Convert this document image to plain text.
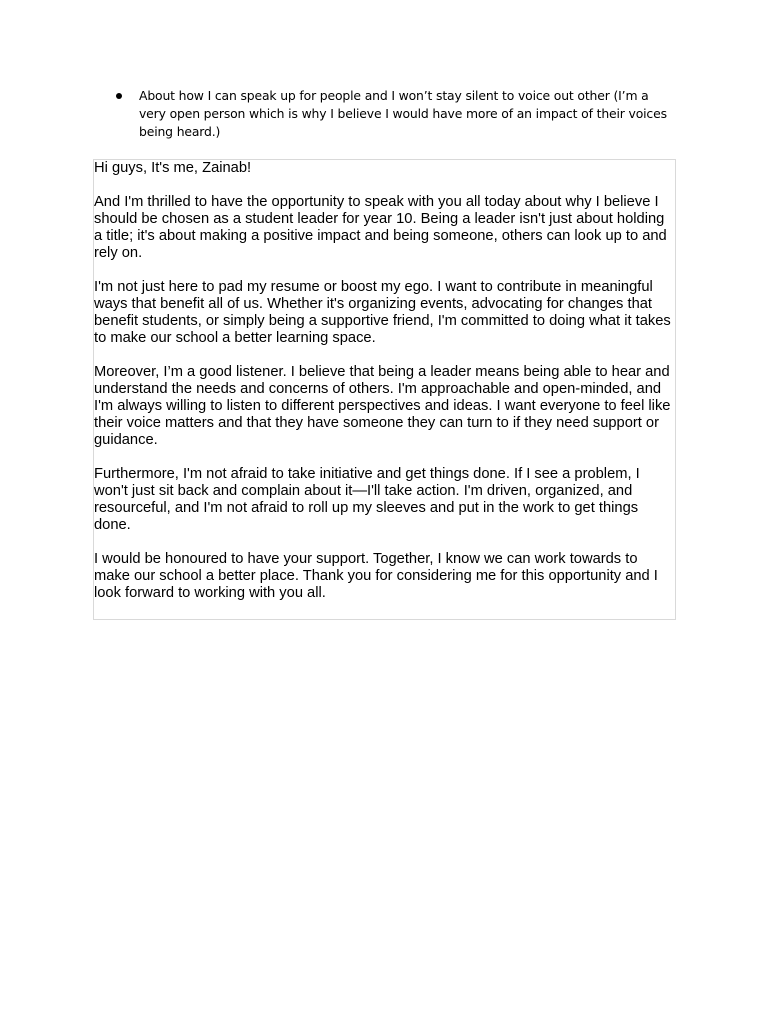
About how I can speak up for people and I won’t stay silent to voice out other (I’m a very open person which is why I believe I would have more of an impact of their voices being heard.)

Hi guys, It's me, Zainab!

And I'm thrilled to have the opportunity to speak with you all today about why I believe I should be chosen as a student leader for year 10. Being a leader isn't just about holding a title; it's about making a positive impact and being someone, others can look up to and rely on.

I'm not just here to pad my resume or boost my ego. I want to contribute in meaningful ways that benefit all of us. Whether it's organizing events, advocating for changes that benefit students, or simply being a supportive friend, I'm committed to doing what it takes to make our school a better learning space.

Moreover, I’m a good listener. I believe that being a leader means being able to hear and understand the needs and concerns of others. I'm approachable and open-minded, and I'm always willing to listen to different perspectives and ideas. I want everyone to feel like their voice matters and that they have someone they can turn to if they need support or guidance.

Furthermore, I'm not afraid to take initiative and get things done. If I see a problem, I won't just sit back and complain about it—I'll take action. I'm driven, organized, and resourceful, and I'm not afraid to roll up my sleeves and put in the work to get things done.

I would be honoured to have your support. Together, I know we can work towards to make our school a better place. Thank you for considering me for this opportunity and I look forward to working with you all.
